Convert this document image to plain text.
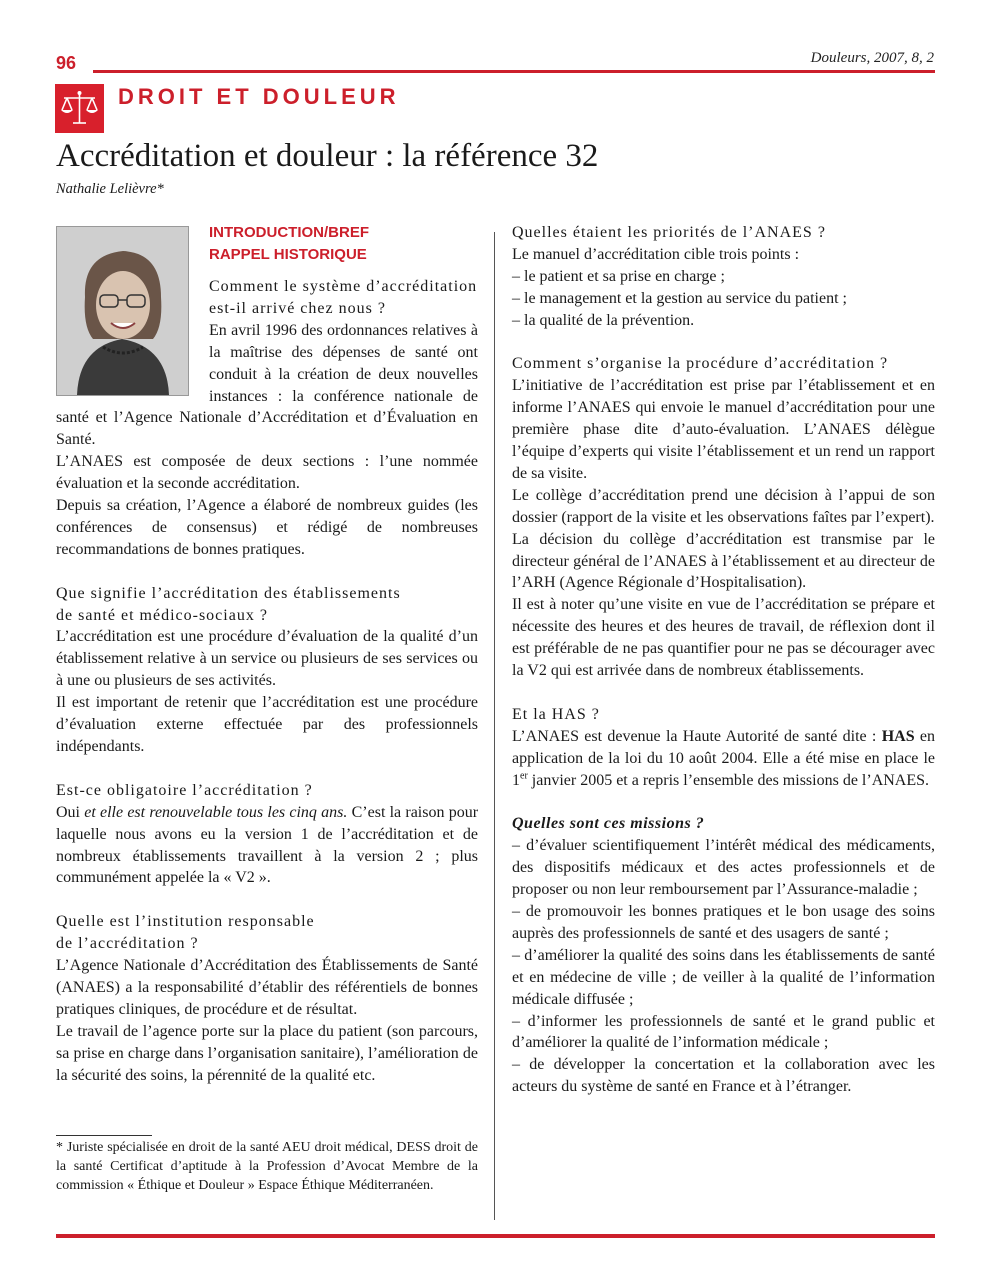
96	Douleurs, 2007, 8, 2
DROIT ET DOULEUR
Accréditation et douleur : la référence 32
Nathalie Lelièvre*

INTRODUCTION/BREF

RAPPEL HISTORIQUE

Comment le système d’accréditation

est-il arrivé chez nous ?

En avril 1996 des ordonnances relatives à la maîtrise des dépenses de santé ont conduit à la création de deux nouvelles instances : la conférence nationale de santé et l’Agence Nationale d’Accréditation et d’Évaluation en Santé.

L’ANAES est composée de deux sections : l’une nommée évaluation et la seconde accréditation.

Depuis sa création, l’Agence a élaboré de nombreux guides (les conférences de consensus) et rédigé de nombreuses recommandations de bonnes pratiques.

Que signifie l’accréditation des établissements

de santé et médico-sociaux ?

L’accréditation est une procédure d’évaluation de la qualité d’un établissement relative à un service ou plusieurs de ses services ou à une ou plusieurs de ses activités.

Il est important de retenir que l’accréditation est une procédure d’évaluation externe effectuée par des professionnels indépendants.

Est-ce obligatoire l’accréditation ?

Oui et elle est renouvelable tous les cinq ans. C’est la raison pour laquelle nous avons eu la version 1 de l’accréditation et de nombreux établissements travaillent à la version 2 ; plus communément appelée la « V2 ».

Quelle est l’institution responsable

de l’accréditation ?

L’Agence Nationale d’Accréditation des Établissements de Santé (ANAES) a la responsabilité d’établir des référentiels de bonnes pratiques cliniques, de procédure et de résultat.

Le travail de l’agence porte sur la place du patient (son parcours, sa prise en charge dans l’organisation sanitaire), l’amélioration de la sécurité des soins, la pérennité de la qualité etc.

Quelles étaient les priorités de l’ANAES ?

Le manuel d’accréditation cible trois points :

– le patient et sa prise en charge ;

– le management et la gestion au service du patient ;

– la qualité de la prévention.

Comment s’organise la procédure d’accréditation ?

L’initiative de l’accréditation est prise par l’établissement et en informe l’ANAES qui envoie le manuel d’accréditation pour une première phase dite d’auto-évaluation. L’ANAES délègue l’équipe d’experts qui visite l’établissement et un rend un rapport de sa visite.

Le collège d’accréditation prend une décision à l’appui de son dossier (rapport de la visite et les observations faîtes par l’expert).

La décision du collège d’accréditation est transmise par le directeur général de l’ANAES à l’établissement et au directeur de l’ARH (Agence Régionale d’Hospitalisation).

Il est à noter qu’une visite en vue de l’accréditation se prépare et nécessite des heures et des heures de travail, de réflexion dont il est préférable de ne pas quantifier pour ne pas se décourager avec la V2 qui est arrivée dans de nombreux établissements.

Et la HAS ?

L’ANAES est devenue la Haute Autorité de santé dite : HAS en application de la loi du 10 août 2004. Elle a été mise en place le 1er janvier 2005 et a repris l’ensemble des missions de l’ANAES.

Quelles sont ces missions ?

– d’évaluer scientifiquement l’intérêt médical des médicaments, des dispositifs médicaux et des actes professionnels et de proposer ou non leur remboursement par l’Assurance-maladie ;

– de promouvoir les bonnes pratiques et le bon usage des soins auprès des professionnels de santé et des usagers de santé ;

– d’améliorer la qualité des soins dans les établissements de santé et en médecine de ville ; de veiller à la qualité de l’information médicale diffusée ;

– d’informer les professionnels de santé et le grand public et d’améliorer la qualité de l’information médicale ;

– de développer la concertation et la collaboration avec les acteurs du système de santé en France et à l’étranger.

* Juriste spécialisée en droit de la santé AEU droit médical, DESS droit de la santé Certificat d’aptitude à la Profession d’Avocat Membre de la commission « Éthique et Douleur » Espace Éthique Méditerranéen.
